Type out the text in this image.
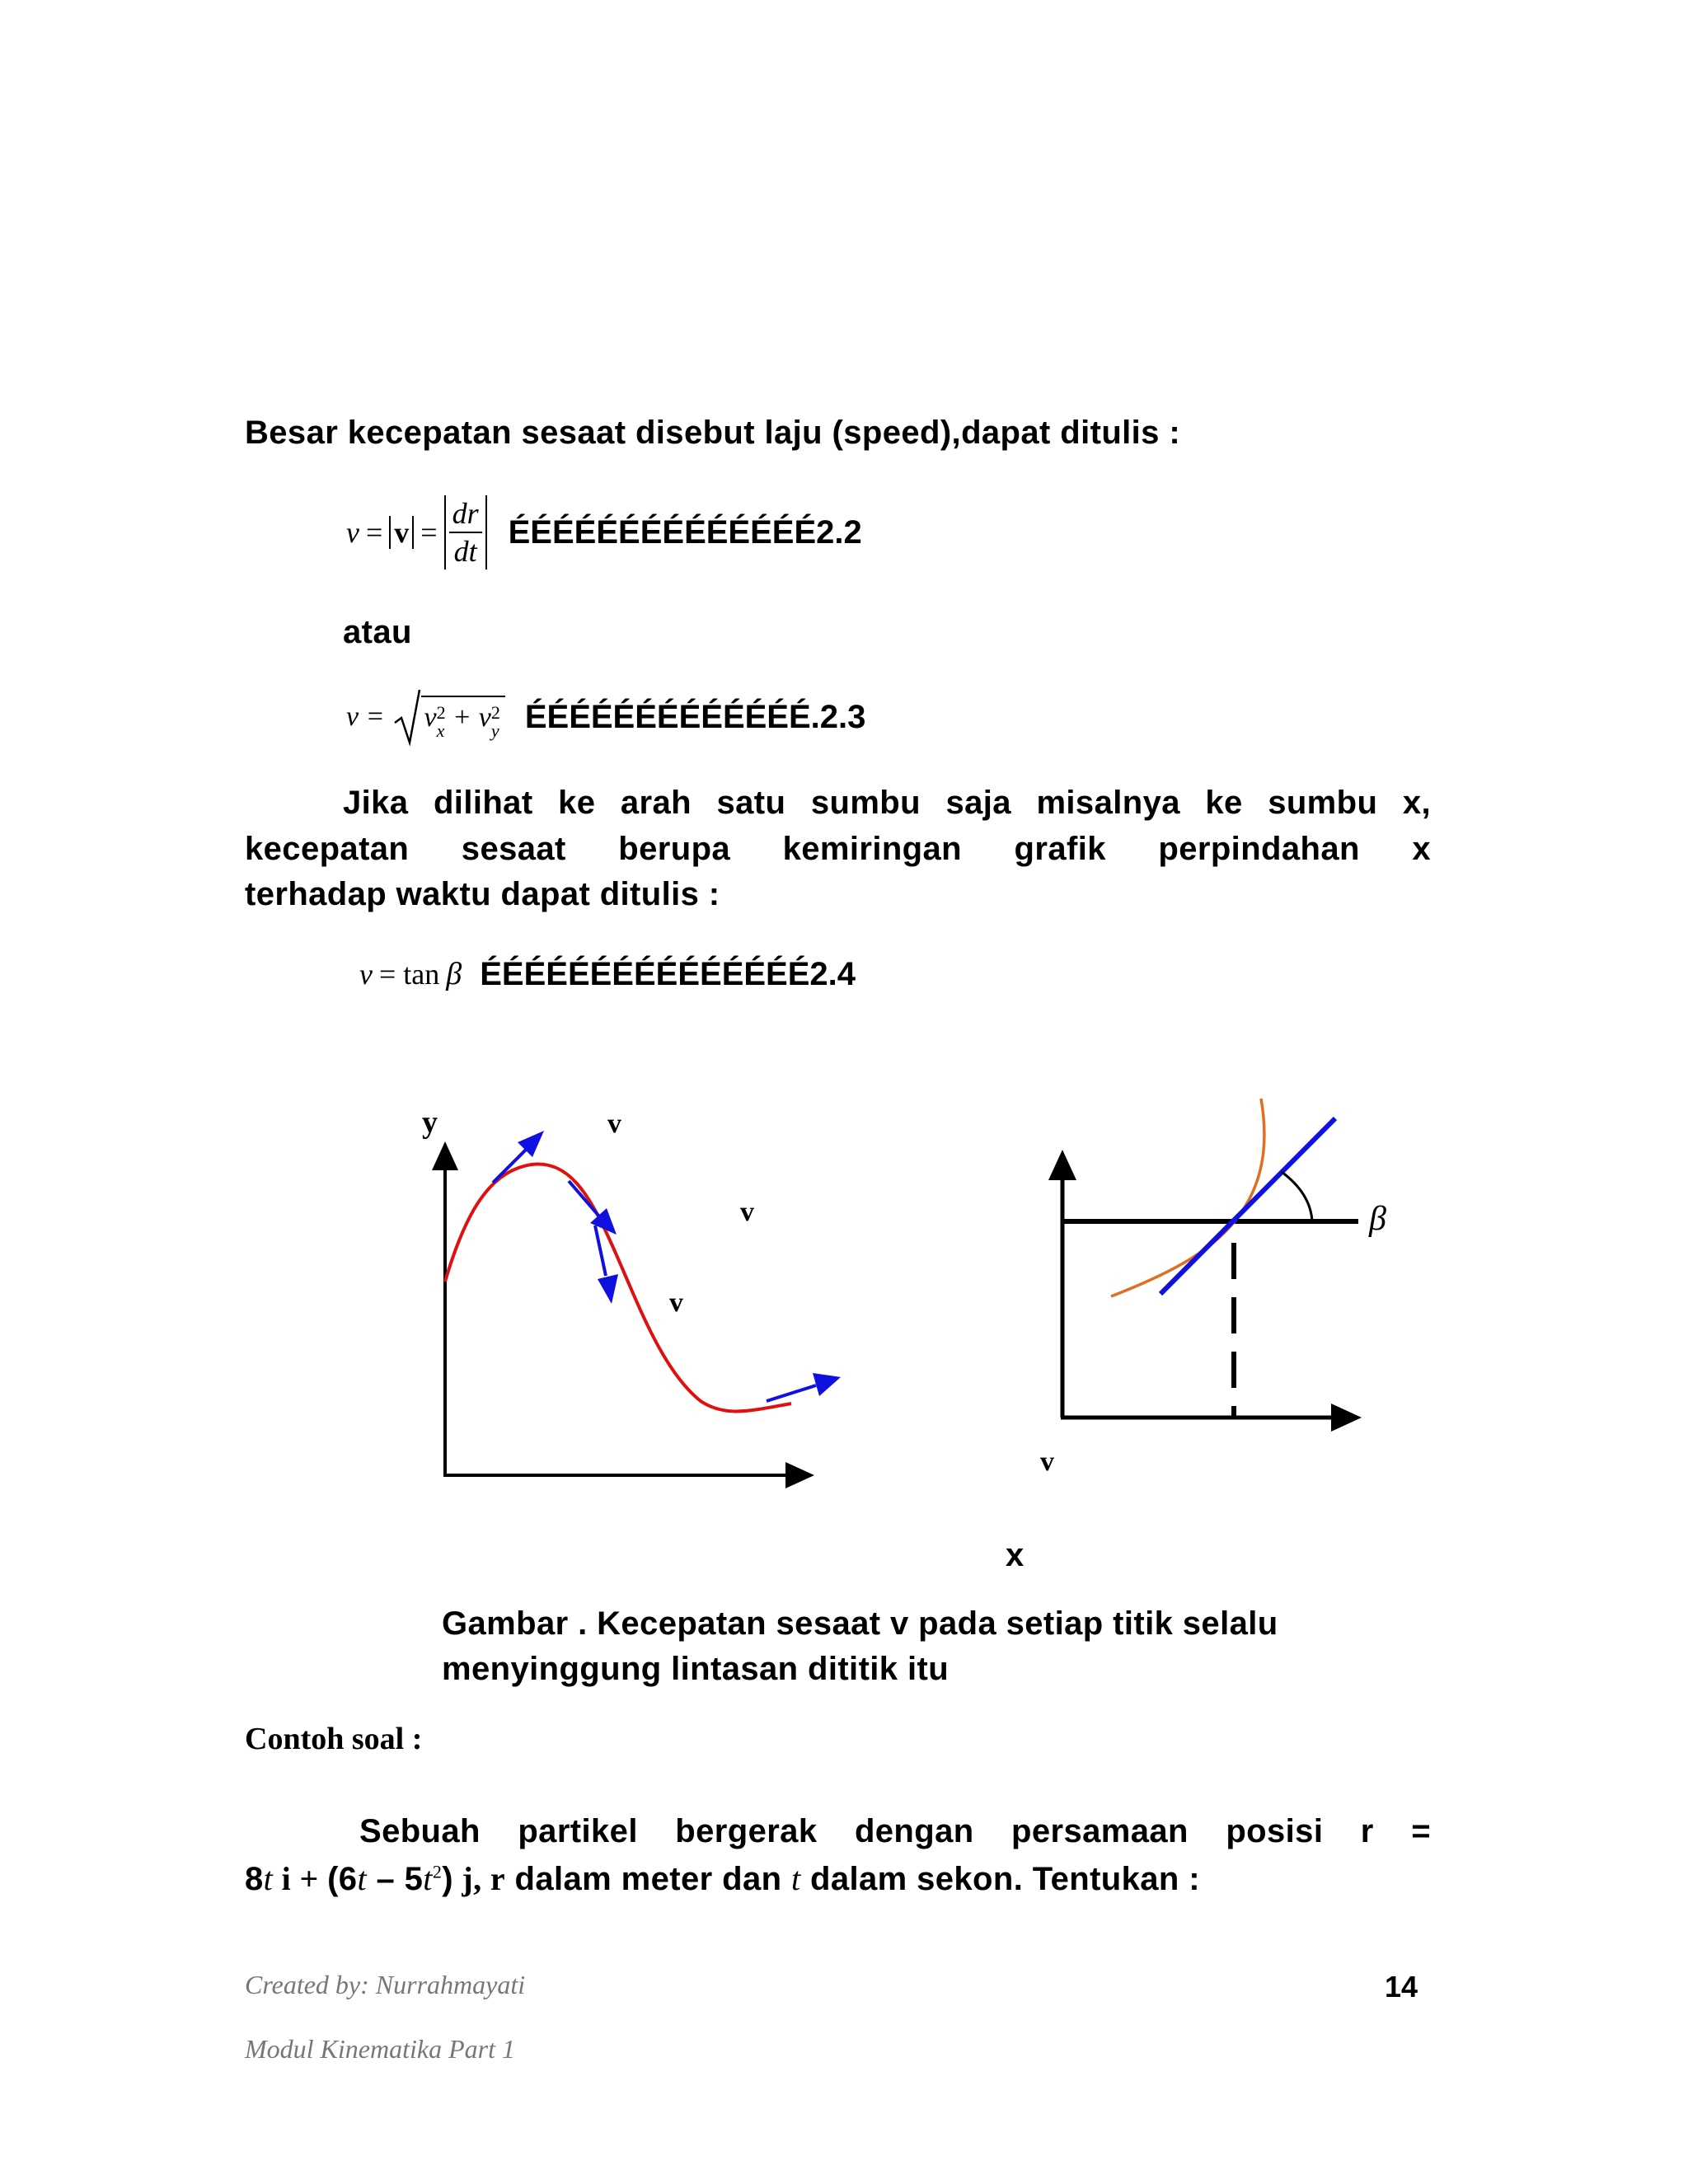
Besar kecepatan sesaat disebut laju (speed),dapat ditulis :
$v = v = \frac{dr}{dt}$ ÉÉÉÉÉÉÉÉÉÉÉÉÉÉ2.2
atau
v = v 2
x + v 2
y ÉÉÉÉÉÉÉÉÉÉÉÉÉ.2.3
Jika dilihat ke arah satu sumbu saja misalnya ke sumbu x,
kecepatan sesaat berupa kemiringan grafik perpindahan x
terhadap waktu dapat ditulis :
v = tan β ÉÉÉÉÉÉÉÉÉÉÉÉÉÉÉ2.4
y	v
v
v
v
β
x
Gambar . Kecepatan sesaat v pada setiap titik selalu
menyinggung lintasan dititik itu
Contoh soal :
Sebuah partikel bergerak dengan persamaan posisi r =
8t $i + (6t - 5t^2)$ j, r dalam meter dan t dalam sekon. Tentukan :
Created by: Nurrahmayati	14
Modul Kinematika Part 1
